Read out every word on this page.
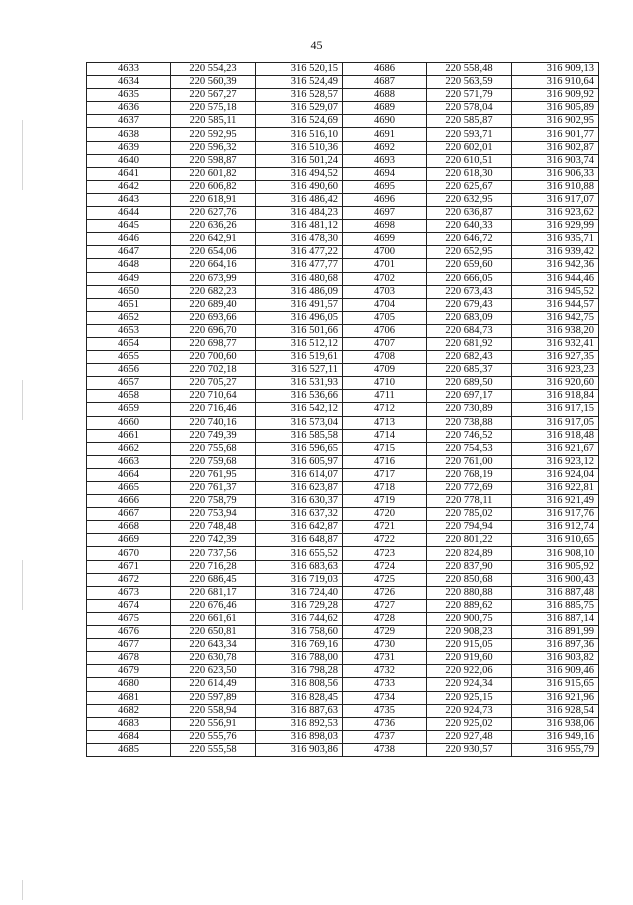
45
4633	220 554,23	316 520,15	4686	220 558,48	316 909,13
4634	220 560,39	316 524,49	4687	220 563,59	316 910,64
4635	220 567,27	316 528,57	4688	220 571,79	316 909,92
4636	220 575,18	316 529,07	4689	220 578,04	316 905,89
4637	220 585,11	316 524,69	4690	220 585,87	316 902,95
4638	220 592,95	316 516,10	4691	220 593,71	316 901,77
4639	220 596,32	316 510,36	4692	220 602,01	316 902,87
4640	220 598,87	316 501,24	4693	220 610,51	316 903,74
4641	220 601,82	316 494,52	4694	220 618,30	316 906,33
4642	220 606,82	316 490,60	4695	220 625,67	316 910,88
4643	220 618,91	316 486,42	4696	220 632,95	316 917,07
4644	220 627,76	316 484,23	4697	220 636,87	316 923,62
4645	220 636,26	316 481,12	4698	220 640,33	316 929,99
4646	220 642,91	316 478,30	4699	220 646,72	316 935,71
4647	220 654,06	316 477,22	4700	220 652,95	316 939,42
4648	220 664,16	316 477,77	4701	220 659,60	316 942,36
4649	220 673,99	316 480,68	4702	220 666,05	316 944,46
4650	220 682,23	316 486,09	4703	220 673,43	316 945,52
4651	220 689,40	316 491,57	4704	220 679,43	316 944,57
4652	220 693,66	316 496,05	4705	220 683,09	316 942,75
4653	220 696,70	316 501,66	4706	220 684,73	316 938,20
4654	220 698,77	316 512,12	4707	220 681,92	316 932,41
4655	220 700,60	316 519,61	4708	220 682,43	316 927,35
4656	220 702,18	316 527,11	4709	220 685,37	316 923,23
4657	220 705,27	316 531,93	4710	220 689,50	316 920,60
4658	220 710,64	316 536,66	4711	220 697,17	316 918,84
4659	220 716,46	316 542,12	4712	220 730,89	316 917,15
4660	220 740,16	316 573,04	4713	220 738,88	316 917,05
4661	220 749,39	316 585,58	4714	220 746,52	316 918,48
4662	220 755,68	316 596,65	4715	220 754,53	316 921,67
4663	220 759,68	316 605,97	4716	220 761,00	316 923,12
4664	220 761,95	316 614,07	4717	220 768,19	316 924,04
4665	220 761,37	316 623,87	4718	220 772,69	316 922,81
4666	220 758,79	316 630,37	4719	220 778,11	316 921,49
4667	220 753,94	316 637,32	4720	220 785,02	316 917,76
4668	220 748,48	316 642,87	4721	220 794,94	316 912,74
4669	220 742,39	316 648,87	4722	220 801,22	316 910,65
4670	220 737,56	316 655,52	4723	220 824,89	316 908,10
4671	220 716,28	316 683,63	4724	220 837,90	316 905,92
4672	220 686,45	316 719,03	4725	220 850,68	316 900,43
4673	220 681,17	316 724,40	4726	220 880,88	316 887,48
4674	220 676,46	316 729,28	4727	220 889,62	316 885,75
4675	220 661,61	316 744,62	4728	220 900,75	316 887,14
4676	220 650,81	316 758,60	4729	220 908,23	316 891,99
4677	220 643,34	316 769,16	4730	220 915,05	316 897,36
4678	220 630,78	316 788,00	4731	220 919,60	316 903,82
4679	220 623,50	316 798,28	4732	220 922,06	316 909,46
4680	220 614,49	316 808,56	4733	220 924,34	316 915,65
4681	220 597,89	316 828,45	4734	220 925,15	316 921,96
4682	220 558,94	316 887,63	4735	220 924,73	316 928,54
4683	220 556,91	316 892,53	4736	220 925,02	316 938,06
4684	220 555,76	316 898,03	4737	220 927,48	316 949,16
4685	220 555,58	316 903,86	4738	220 930,57	316 955,79
